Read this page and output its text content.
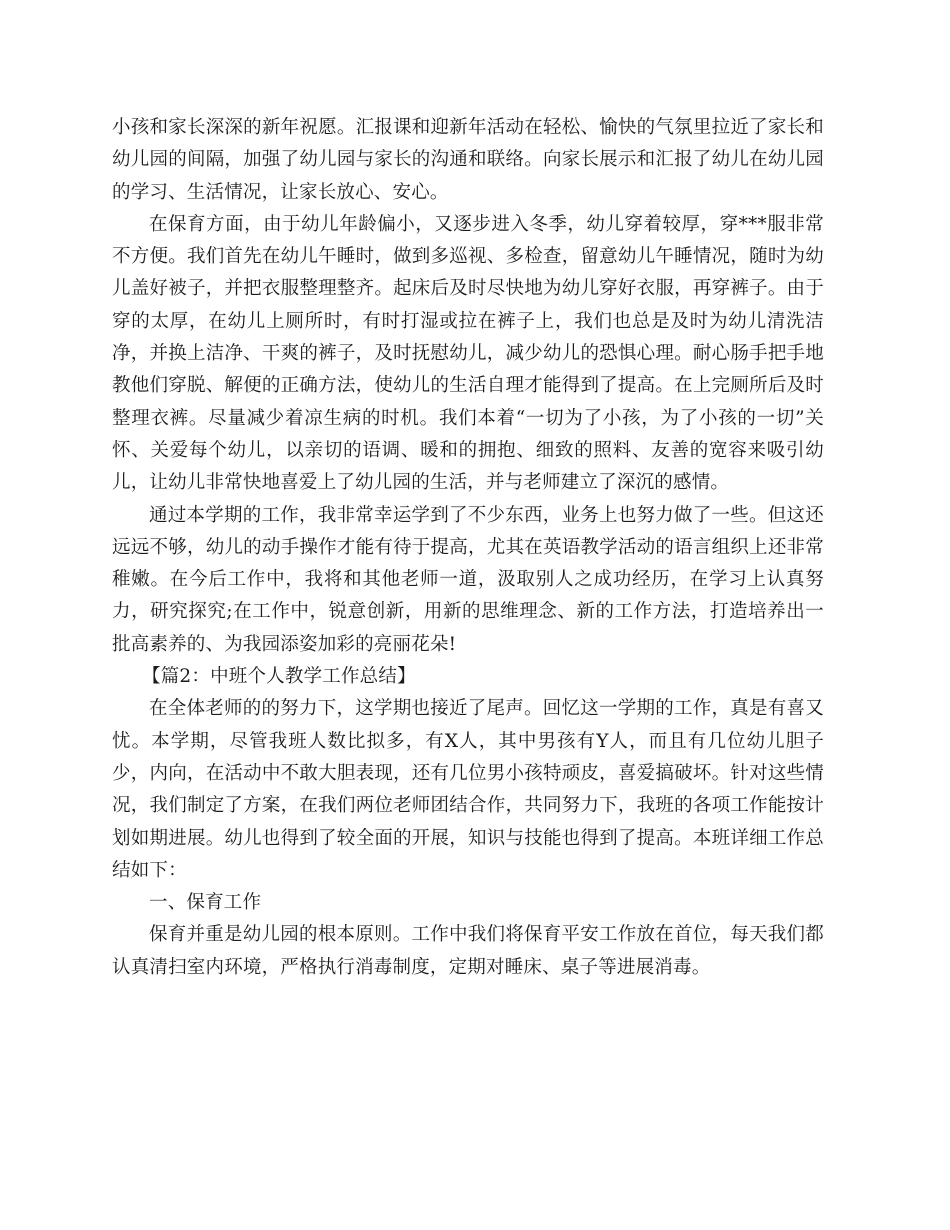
小孩和家长深深的新年祝愿。汇报课和迎新年活动在轻松、愉快的气氛里拉近了家长和幼儿园的间隔，加强了幼儿园与家长的沟通和联络。向家长展示和汇报了幼儿在幼儿园的学习、生活情况，让家长放心、安心。

在保育方面，由于幼儿年龄偏小，又逐步进入冬季，幼儿穿着较厚，穿***服非常不方便。我们首先在幼儿午睡时，做到多巡视、多检查，留意幼儿午睡情况，随时为幼儿盖好被子，并把衣服整理整齐。起床后及时尽快地为幼儿穿好衣服，再穿裤子。由于穿的太厚，在幼儿上厕所时，有时打湿或拉在裤子上，我们也总是及时为幼儿清洗洁净，并换上洁净、干爽的裤子，及时抚慰幼儿，减少幼儿的恐惧心理。耐心肠手把手地教他们穿脱、解便的正确方法，使幼儿的生活自理才能得到了提高。在上完厕所后及时整理衣裤。尽量减少着凉生病的时机。我们本着“一切为了小孩，为了小孩的一切”关怀、关爱每个幼儿，以亲切的语调、暖和的拥抱、细致的照料、友善的宽容来吸引幼儿，让幼儿非常快地喜爱上了幼儿园的生活，并与老师建立了深沉的感情。

通过本学期的工作，我非常幸运学到了不少东西，业务上也努力做了一些。但这还远远不够，幼儿的动手操作才能有待于提高，尤其在英语教学活动的语言组织上还非常稚嫩。在今后工作中，我将和其他老师一道，汲取别人之成功经历，在学习上认真努力，研究探究;在工作中，锐意创新，用新的思维理念、新的工作方法，打造培养出一批高素养的、为我园添姿加彩的亮丽花朵!

【篇2：中班个人教学工作总结】

在全体老师的的努力下，这学期也接近了尾声。回忆这一学期的工作，真是有喜又忧。本学期，尽管我班人数比拟多，有X人，其中男孩有Y人，而且有几位幼儿胆子少，内向，在活动中不敢大胆表现，还有几位男小孩特顽皮，喜爱搞破坏。针对这些情况，我们制定了方案，在我们两位老师团结合作，共同努力下，我班的各项工作能按计划如期进展。幼儿也得到了较全面的开展，知识与技能也得到了提高。本班详细工作总结如下：

一、保育工作

保育并重是幼儿园的根本原则。工作中我们将保育平安工作放在首位，每天我们都认真清扫室内环境，严格执行消毒制度，定期对睡床、桌子等进展消毒。
